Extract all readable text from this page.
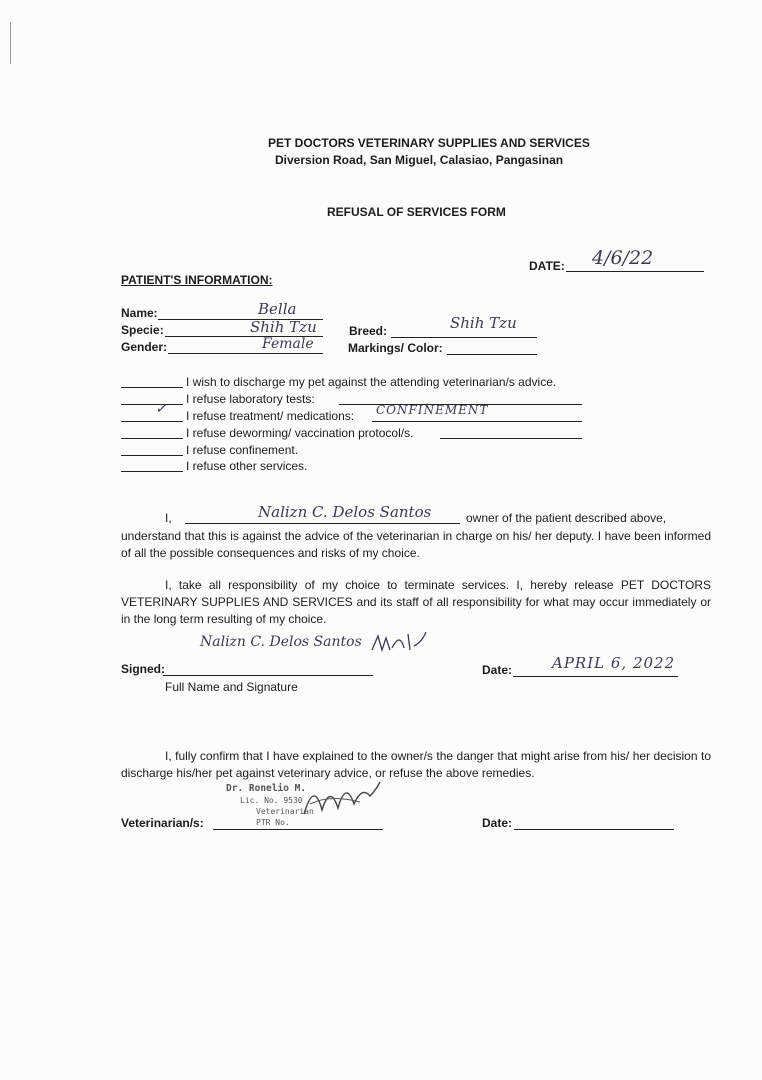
PET DOCTORS VETERINARY SUPPLIES AND SERVICES
Diversion Road, San Miguel, Calasiao, Pangasinan
REFUSAL OF SERVICES FORM
DATE: 4/6/22
PATIENT'S INFORMATION:
Name:	Bella
Specie:	Shih Tzu
Gender:	Female
Breed:	Shih Tzu
Markings/ Color:
I wish to discharge my pet against the attending veterinarian/s advice.
I refuse laboratory tests:
✓ I refuse treatment/ medications: CONFINEMENT
I refuse deworming/ vaccination protocol/s.
I refuse confinement.
I refuse other services.
I,	Nalizn C. Delos Santos	owner of the patient described above,
understand that this is against the advice of the veterinarian in charge on his/ her deputy. I have been informed of all the possible consequences and risks of my choice.
I, take all responsibility of my choice to terminate services. I, hereby release PET DOCTORS VETERINARY SUPPLIES AND SERVICES and its staff of all responsibility for what may occur immediately or in the long term resulting of my choice.
Nalizn C. Delos Santos
Signed:
Full Name and Signature
Date:	APRIL 6, 2022
I, fully confirm that I have explained to the owner/s the danger that might arise from his/ her decision to discharge his/her pet against veterinary advice, or refuse the above remedies.
Dr. Ronelio M.
Lic. No. 9530
Veterinarian
PTR No.
Veterinarian/s:	Date:
